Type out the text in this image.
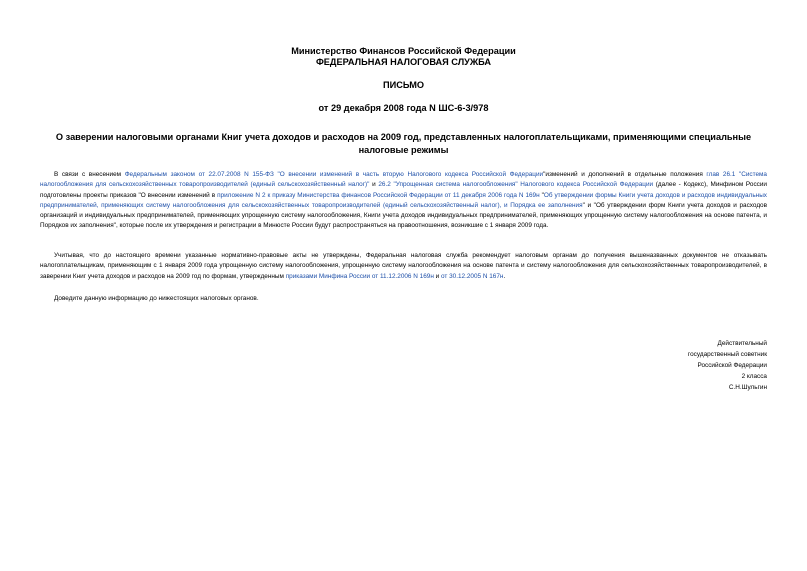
Министерство Финансов Российской Федерации
ФЕДЕРАЛЬНАЯ НАЛОГОВАЯ СЛУЖБА
ПИСЬМО
от 29 декабря 2008 года N ШС-6-3/978
О заверении налоговыми органами Книг учета доходов и расходов на 2009 год, представленных налогоплательщиками, применяющими специальные налоговые режимы
В связи с внесением Федеральным законом от 22.07.2008 N 155-ФЗ "О внесении изменений в часть вторую Налогового кодекса Российской Федерации"изменений и дополнений в отдельные положения глав 26.1 "Система налогообложения для сельскохозяйственных товаропроизводителей (единый сельскохозяйственный налог)" и 26.2 "Упрощенная система налогообложения" Налогового кодекса Российской Федерации (далее - Кодекс), Минфином России подготовлены проекты приказов "О внесении изменений в приложение N 2 к приказу Министерства финансов Российской Федерации от 11 декабря 2006 года N 169н "Об утверждении формы Книги учета доходов и расходов индивидуальных предпринимателей, применяющих систему налогообложения для сельскохозяйственных товаропроизводителей (единый сельскохозяйственный налог), и Порядка ее заполнения" и "Об утверждении форм Книги учета доходов и расходов организаций и индивидуальных предпринимателей, применяющих упрощенную систему налогообложения, Книги учета доходов индивидуальных предпринимателей, применяющих упрощенную систему налогообложения на основе патента, и Порядков их заполнения", которые после их утверждения и регистрации в Минюсте России будут распространяться на правоотношения, возникшие с 1 января 2009 года.
Учитывая, что до настоящего времени указанные нормативно-правовые акты не утверждены, Федеральная налоговая служба рекомендует налоговым органам до получения вышеназванных документов не отказывать налогоплательщикам, применяющим с 1 января 2009 года упрощенную систему налогообложения, упрощенную систему налогообложения на основе патента и систему налогообложения для сельскохозяйственных товаропроизводителей, в заверении Книг учета доходов и расходов на 2009 год по формам, утвержденным приказами Минфина России от 11.12.2006 N 169н и от 30.12.2005 N 167н.
Доведите данную информацию до нижестоящих налоговых органов.
Действительный
государственный советник
Российской Федерации
2 класса
С.Н.Шульгин
